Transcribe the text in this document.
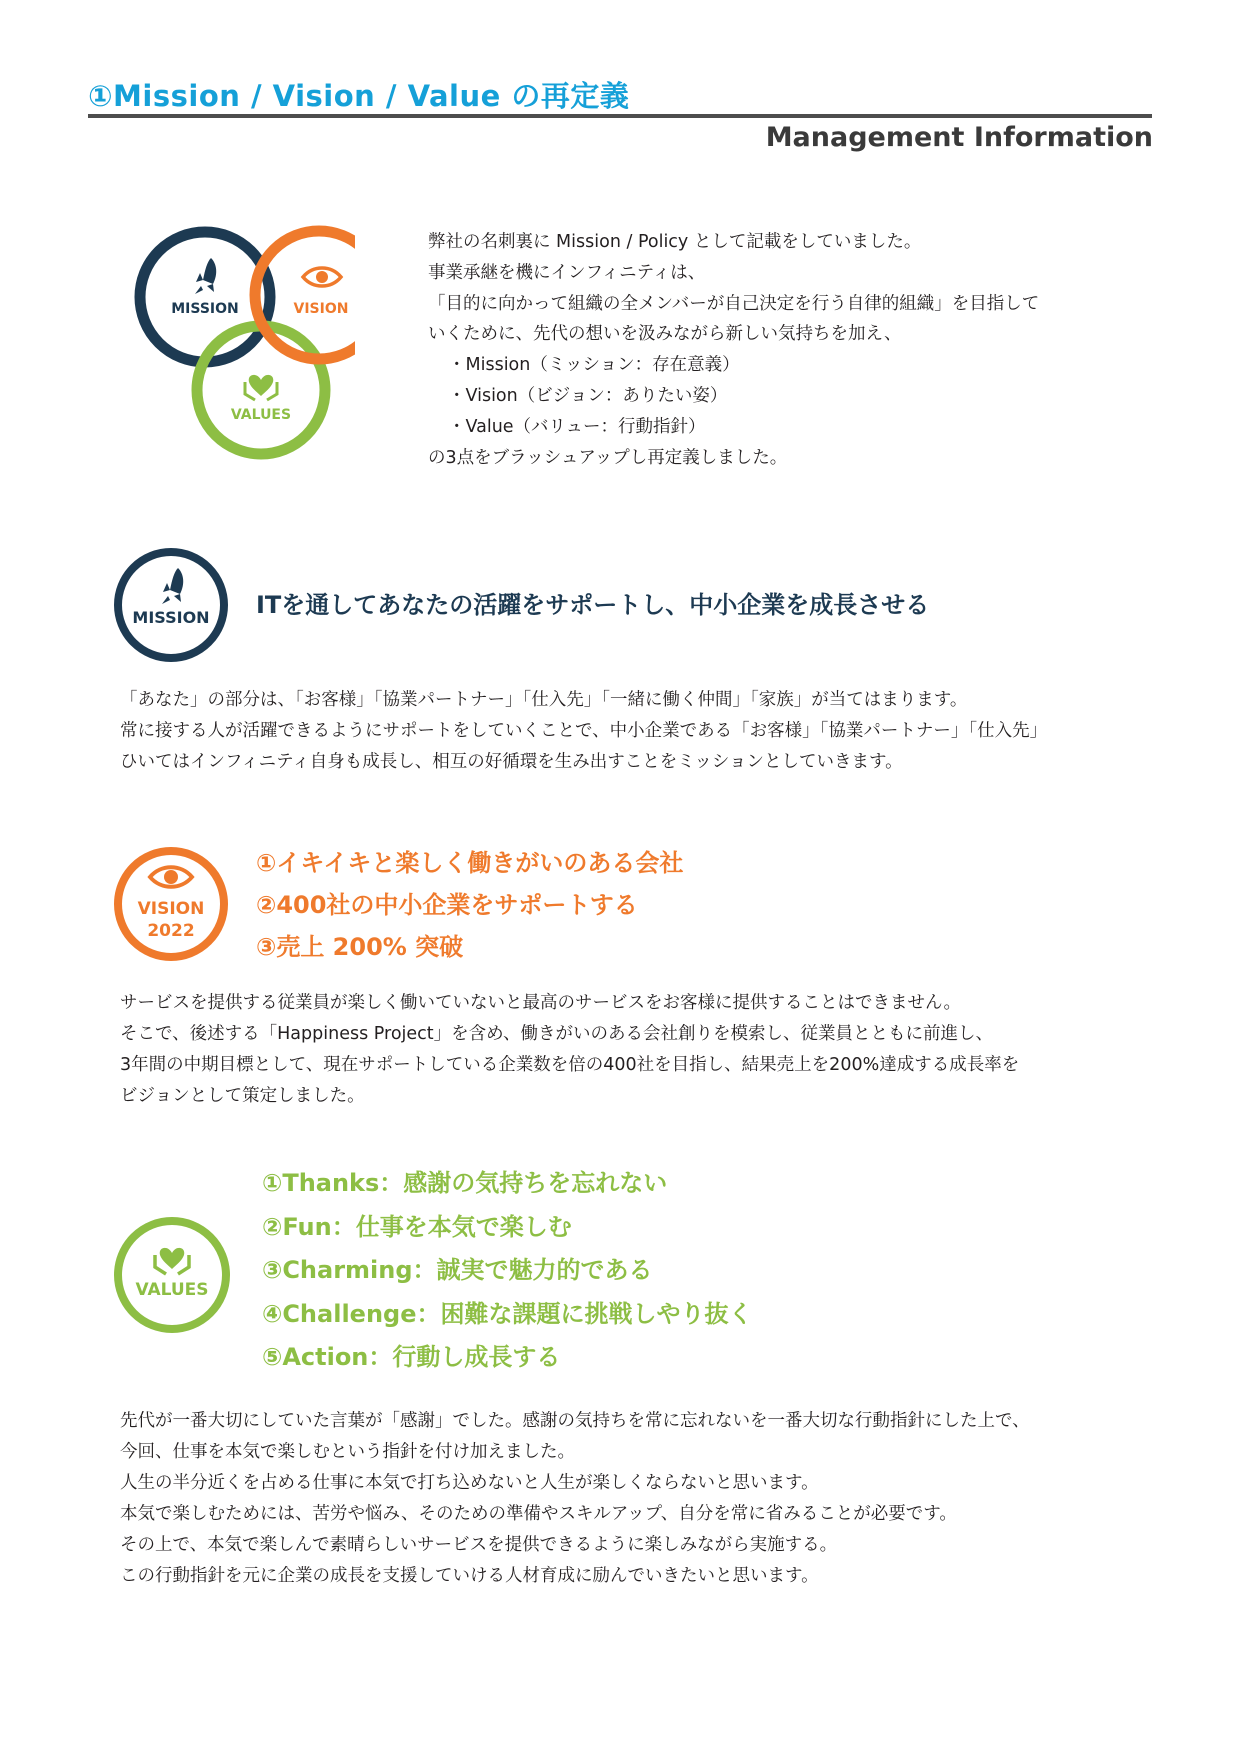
①Mission / Vision / Value の再定義
Management Information
MISSION	VISION
VALUES
弊社の名刺裏に Mission / Policy として記載をしていました。
事業承継を機にインフィニティは、
「目的に向かって組織の全メンバーが自己決定を行う自律的組織」を目指して
いくために、先代の想いを汲みながら新しい気持ちを加え、
・Mission（ミッション：存在意義）
・Vision（ビジョン：ありたい姿）
・Value（バリュー：行動指針）
の3点をブラッシュアップし再定義しました。
MISSION ITを通してあなたの活躍をサポートし、中小企業を成長させる
「あなた」の部分は、「お客様」「協業パートナー」「仕入先」「一緒に働く仲間」「家族」が当てはまります。
常に接する人が活躍できるようにサポートをしていくことで、中小企業である「お客様」「協業パートナー」「仕入先」
ひいてはインフィニティ自身も成長し、相互の好循環を生み出すことをミッションとしていきます。
VISION
2022
①イキイキと楽しく働きがいのある会社
②400社の中小企業をサポートする
③売上 200% 突破
サービスを提供する従業員が楽しく働いていないと最高のサービスをお客様に提供することはできません。
そこで、後述する「Happiness Project」を含め、働きがいのある会社創りを模索し、従業員とともに前進し、
3年間の中期目標として、現在サポートしている企業数を倍の400社を目指し、結果売上を200%達成する成長率を
ビジョンとして策定しました。
VALUES
①Thanks：感謝の気持ちを忘れない
②Fun：仕事を本気で楽しむ
③Charming：誠実で魅力的である
④Challenge：困難な課題に挑戦しやり抜く
⑤Action：行動し成長する
先代が一番大切にしていた言葉が「感謝」でした。感謝の気持ちを常に忘れないを一番大切な行動指針にした上で、
今回、仕事を本気で楽しむという指針を付け加えました。
人生の半分近くを占める仕事に本気で打ち込めないと人生が楽しくならないと思います。
本気で楽しむためには、苦労や悩み、そのための準備やスキルアップ、自分を常に省みることが必要です。
その上で、本気で楽しんで素晴らしいサービスを提供できるように楽しみながら実施する。
この行動指針を元に企業の成長を支援していける人材育成に励んでいきたいと思います。
